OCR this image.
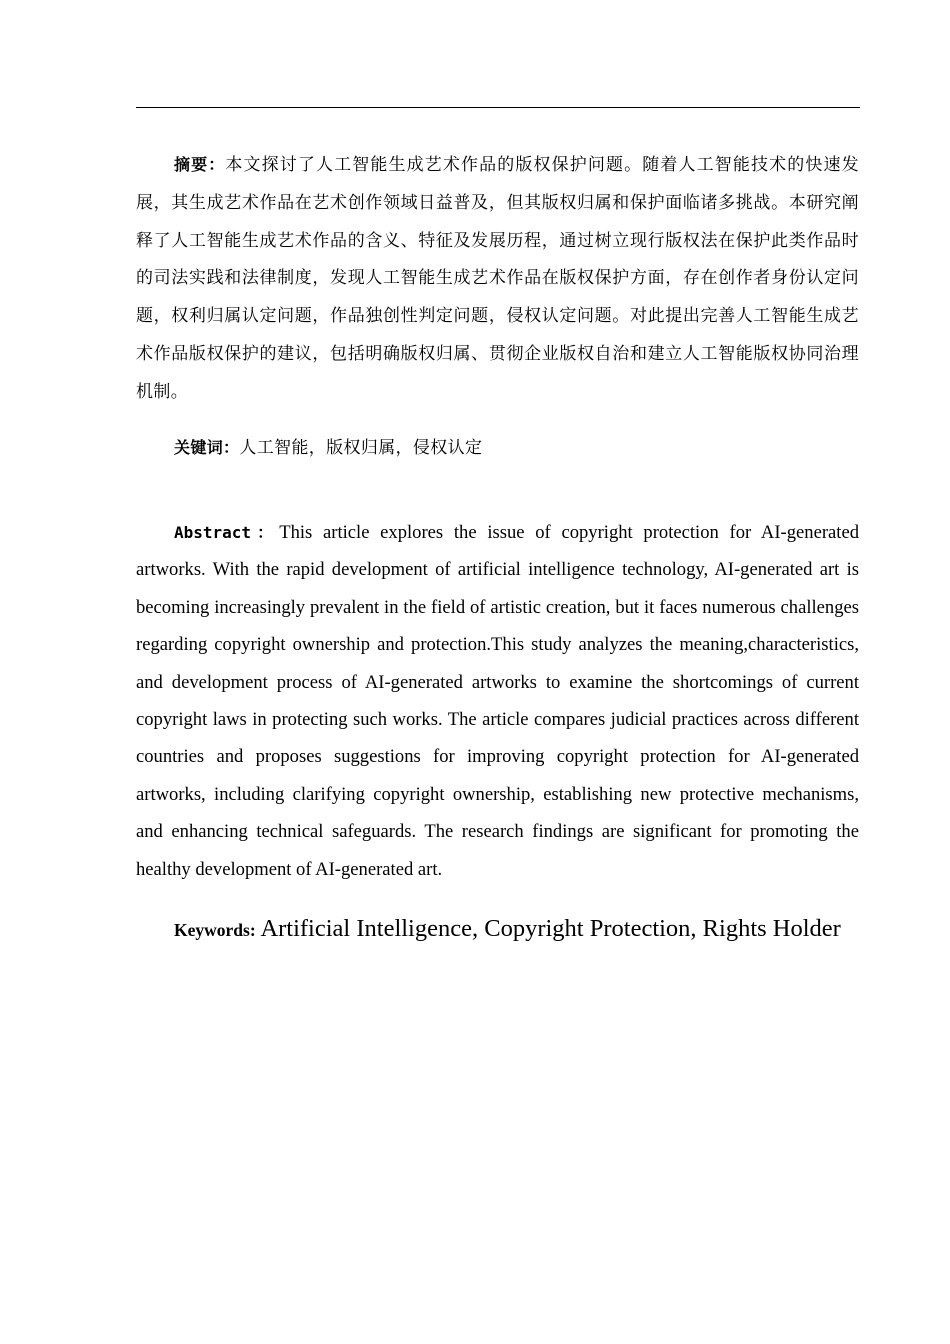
摘要：本文探讨了人工智能生成艺术作品的版权保护问题。随着人工智能技术的快速发展，其生成艺术作品在艺术创作领域日益普及，但其版权归属和保护面临诸多挑战。本研究阐释了人工智能生成艺术作品的含义、特征及发展历程，通过树立现行版权法在保护此类作品时的司法实践和法律制度，发现人工智能生成艺术作品在版权保护方面，存在创作者身份认定问题，权利归属认定问题，作品独创性判定问题，侵权认定问题。对此提出完善人工智能生成艺术作品版权保护的建议，包括明确版权归属、贯彻企业版权自治和建立人工智能版权协同治理机制。

关键词：人工智能，版权归属，侵权认定

Abstract：This article explores the issue of copyright protection for AI-generated artworks. With the rapid development of artificial intelligence technology, AI-generated art is becoming increasingly prevalent in the field of artistic creation, but it faces numerous challenges regarding copyright ownership and protection.This study analyzes the meaning,characteristics, and development process of AI-generated artworks to examine the shortcomings of current copyright laws in protecting such works. The article compares judicial practices across different countries and proposes suggestions for improving copyright protection for AI-generated artworks, including clarifying copyright ownership, establishing new protective mechanisms, and enhancing technical safeguards. The research findings are significant for promoting the healthy development of AI-generated art.

Keywords: Artificial Intelligence, Copyright Protection, Rights Holder
